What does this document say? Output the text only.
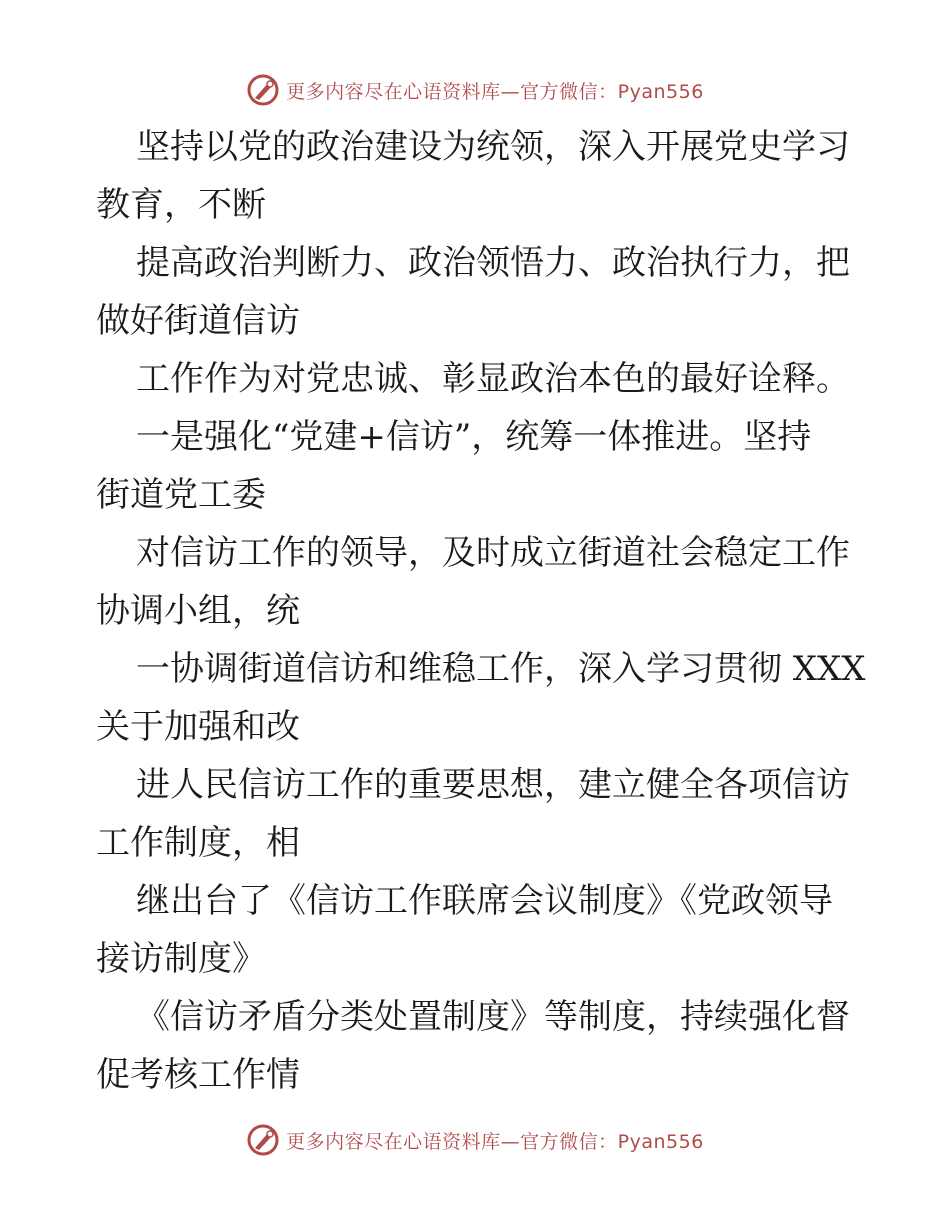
更多内容尽在心语资料库—官方微信：Pyan556
坚持以党的政治建设为统领，深入开展党史学习
教育，不断
提高政治判断力、政治领悟力、政治执行力，把
做好街道信访
工作作为对党忠诚、彰显政治本色的最好诠释。
一是强化“党建+信访”，统筹一体推进。坚持
街道党工委
对信访工作的领导，及时成立街道社会稳定工作
协调小组，统
一协调街道信访和维稳工作，深入学习贯彻 XXX
关于加强和改
进人民信访工作的重要思想，建立健全各项信访
工作制度，相
继出台了《信访工作联席会议制度》《党政领导
接访制度》
《信访矛盾分类处置制度》等制度，持续强化督
促考核工作情
更多内容尽在心语资料库—官方微信：Pyan556
